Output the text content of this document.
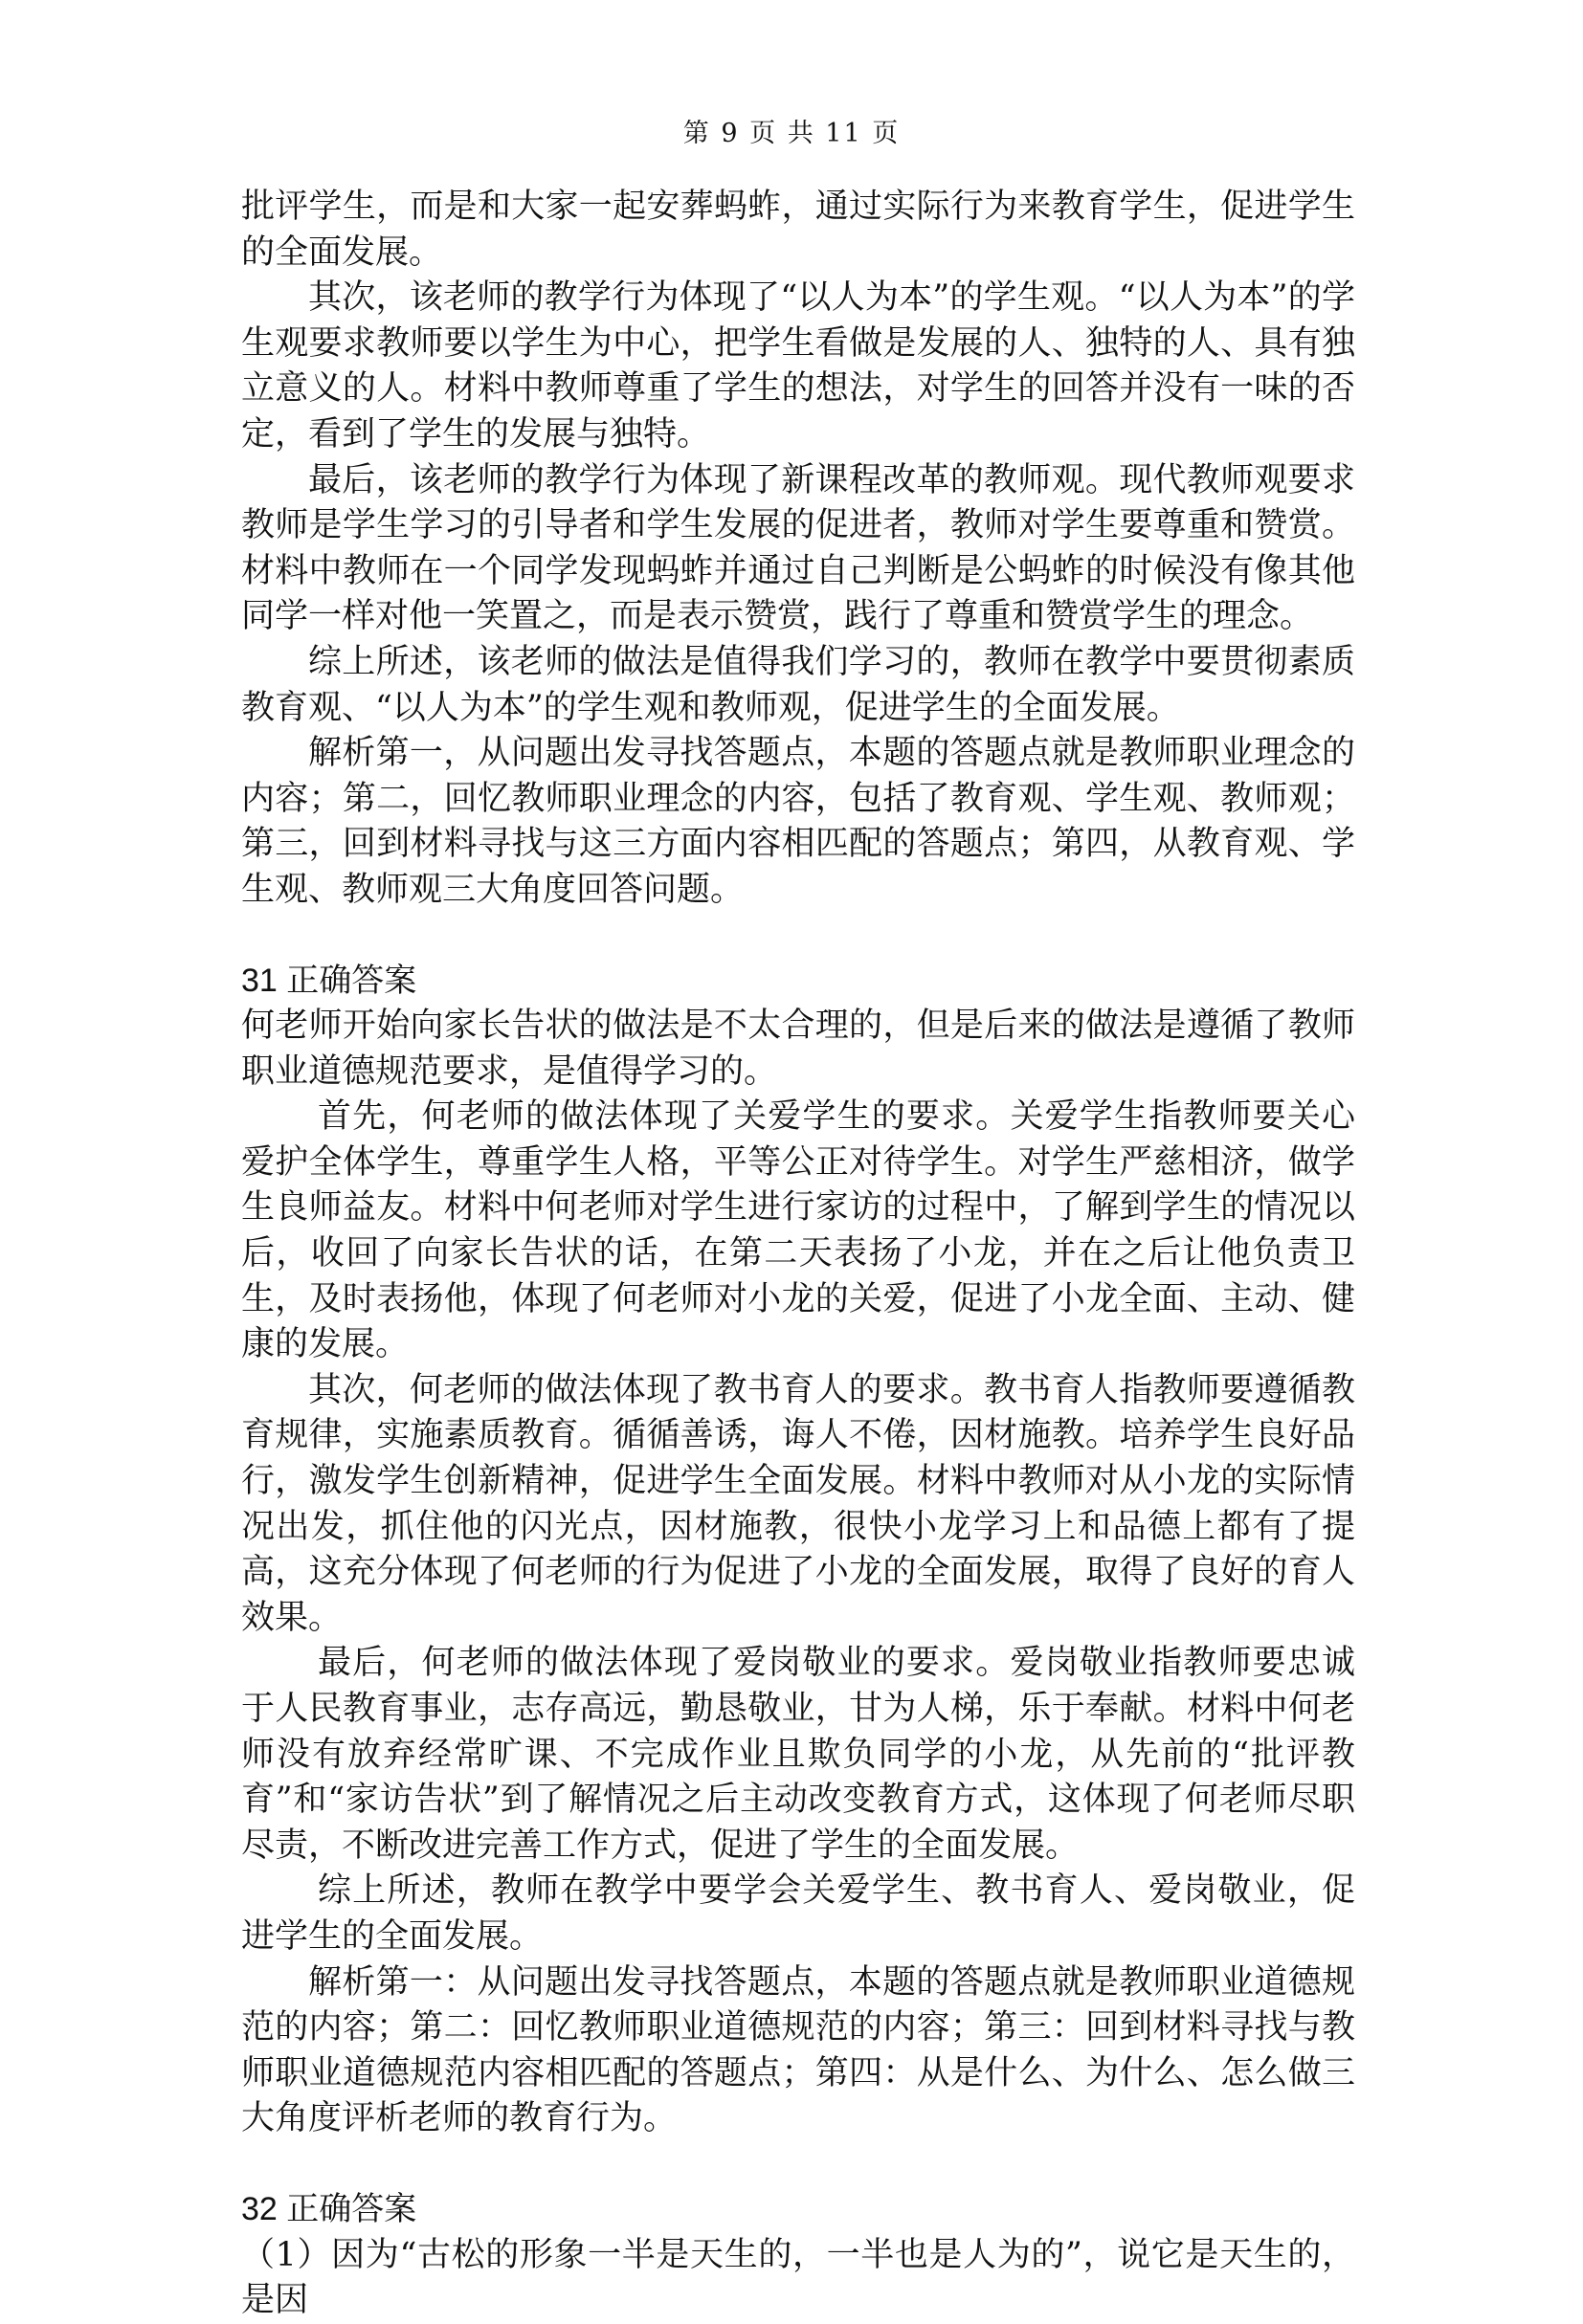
第 9 页 共 11 页

批评学生，而是和大家一起安葬蚂蚱，通过实际行为来教育学生，促进学生的全面发展。

其次，该老师的教学行为体现了“以人为本”的学生观。“以人为本”的学生观要求教师要以学生为中心，把学生看做是发展的人、独特的人、具有独立意义的人。材料中教师尊重了学生的想法，对学生的回答并没有一味的否定，看到了学生的发展与独特。

最后，该老师的教学行为体现了新课程改革的教师观。现代教师观要求教师是学生学习的引导者和学生发展的促进者，教师对学生要尊重和赞赏。材料中教师在一个同学发现蚂蚱并通过自己判断是公蚂蚱的时候没有像其他同学一样对他一笑置之，而是表示赞赏，践行了尊重和赞赏学生的理念。

综上所述，该老师的做法是值得我们学习的，教师在教学中要贯彻素质教育观、“以人为本”的学生观和教师观，促进学生的全面发展。

解析第一，从问题出发寻找答题点，本题的答题点就是教师职业理念的内容；第二，回忆教师职业理念的内容，包括了教育观、学生观、教师观；第三，回到材料寻找与这三方面内容相匹配的答题点；第四，从教育观、学生观、教师观三大角度回答问题。

31 正确答案

何老师开始向家长告状的做法是不太合理的，但是后来的做法是遵循了教师职业道德规范要求，是值得学习的。

首先，何老师的做法体现了关爱学生的要求。关爱学生指教师要关心爱护全体学生，尊重学生人格，平等公正对待学生。对学生严慈相济，做学生良师益友。材料中何老师对学生进行家访的过程中，了解到学生的情况以后，收回了向家长告状的话，在第二天表扬了小龙，并在之后让他负责卫生，及时表扬他，体现了何老师对小龙的关爱，促进了小龙全面、主动、健康的发展。

其次，何老师的做法体现了教书育人的要求。教书育人指教师要遵循教育规律，实施素质教育。循循善诱，诲人不倦，因材施教。培养学生良好品行，激发学生创新精神，促进学生全面发展。材料中教师对从小龙的实际情况出发，抓住他的闪光点，因材施教，很快小龙学习上和品德上都有了提高，这充分体现了何老师的行为促进了小龙的全面发展，取得了良好的育人效果。

最后，何老师的做法体现了爱岗敬业的要求。爱岗敬业指教师要忠诚于人民教育事业，志存高远，勤恳敬业，甘为人梯，乐于奉献。材料中何老师没有放弃经常旷课、不完成作业且欺负同学的小龙，从先前的“批评教育”和“家访告状”到了解情况之后主动改变教育方式，这体现了何老师尽职尽责，不断改进完善工作方式，促进了学生的全面发展。

综上所述，教师在教学中要学会关爱学生、教书育人、爱岗敬业，促进学生的全面发展。

解析第一：从问题出发寻找答题点，本题的答题点就是教师职业道德规范的内容；第二：回忆教师职业道德规范的内容；第三：回到材料寻找与教师职业道德规范内容相匹配的答题点；第四：从是什么、为什么、怎么做三大角度评析老师的教育行为。

32 正确答案

（1）因为“古松的形象一半是天生的，一半也是人为的”，说它是天生的，是因
